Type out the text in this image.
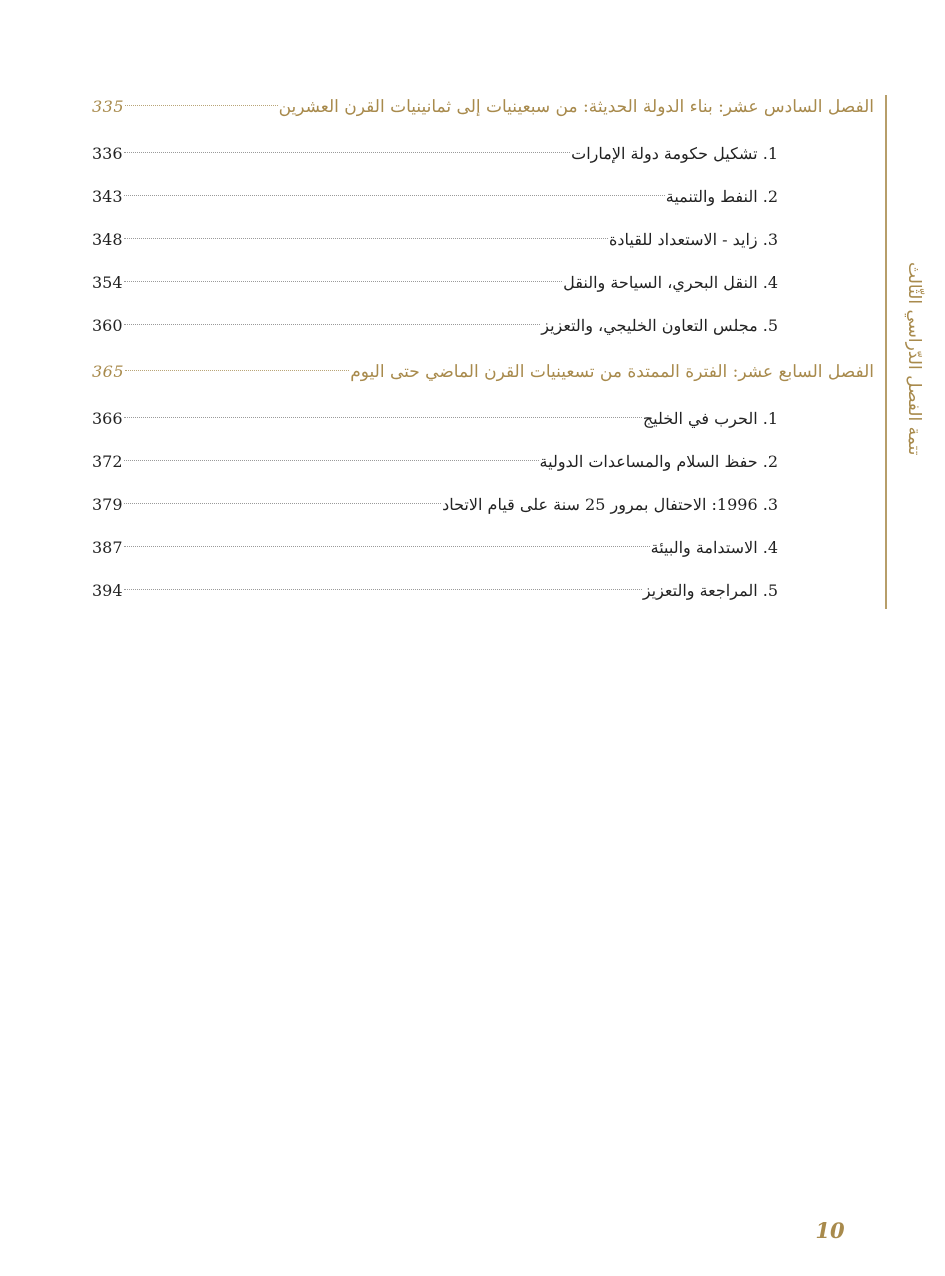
الفصل السادس عشر: بناء الدولة الحديثة: من سبعينيات إلى ثمانينيات القرن العشرين
335
1. تشكيل حكومة دولة الإمارات
336
2. النفط والتنمية
343
3. زايد - الاستعداد للقيادة
348
4. النقل البحري، السياحة والنقل
354
5. مجلس التعاون الخليجي، والتعزيز
360
الفصل السابع عشر: الفترة الممتدة من تسعينيات القرن الماضي حتى اليوم
365
1. الحرب في الخليج
366
2. حفظ السلام والمساعدات الدولية
372
3. 1996: الاحتفال بمرور 25 سنة على قيام الاتحاد
379
4. الاستدامة والبيئة
387
5. المراجعة والتعزيز
394
تتمة الفصل الدّراسي الثّالث
10
